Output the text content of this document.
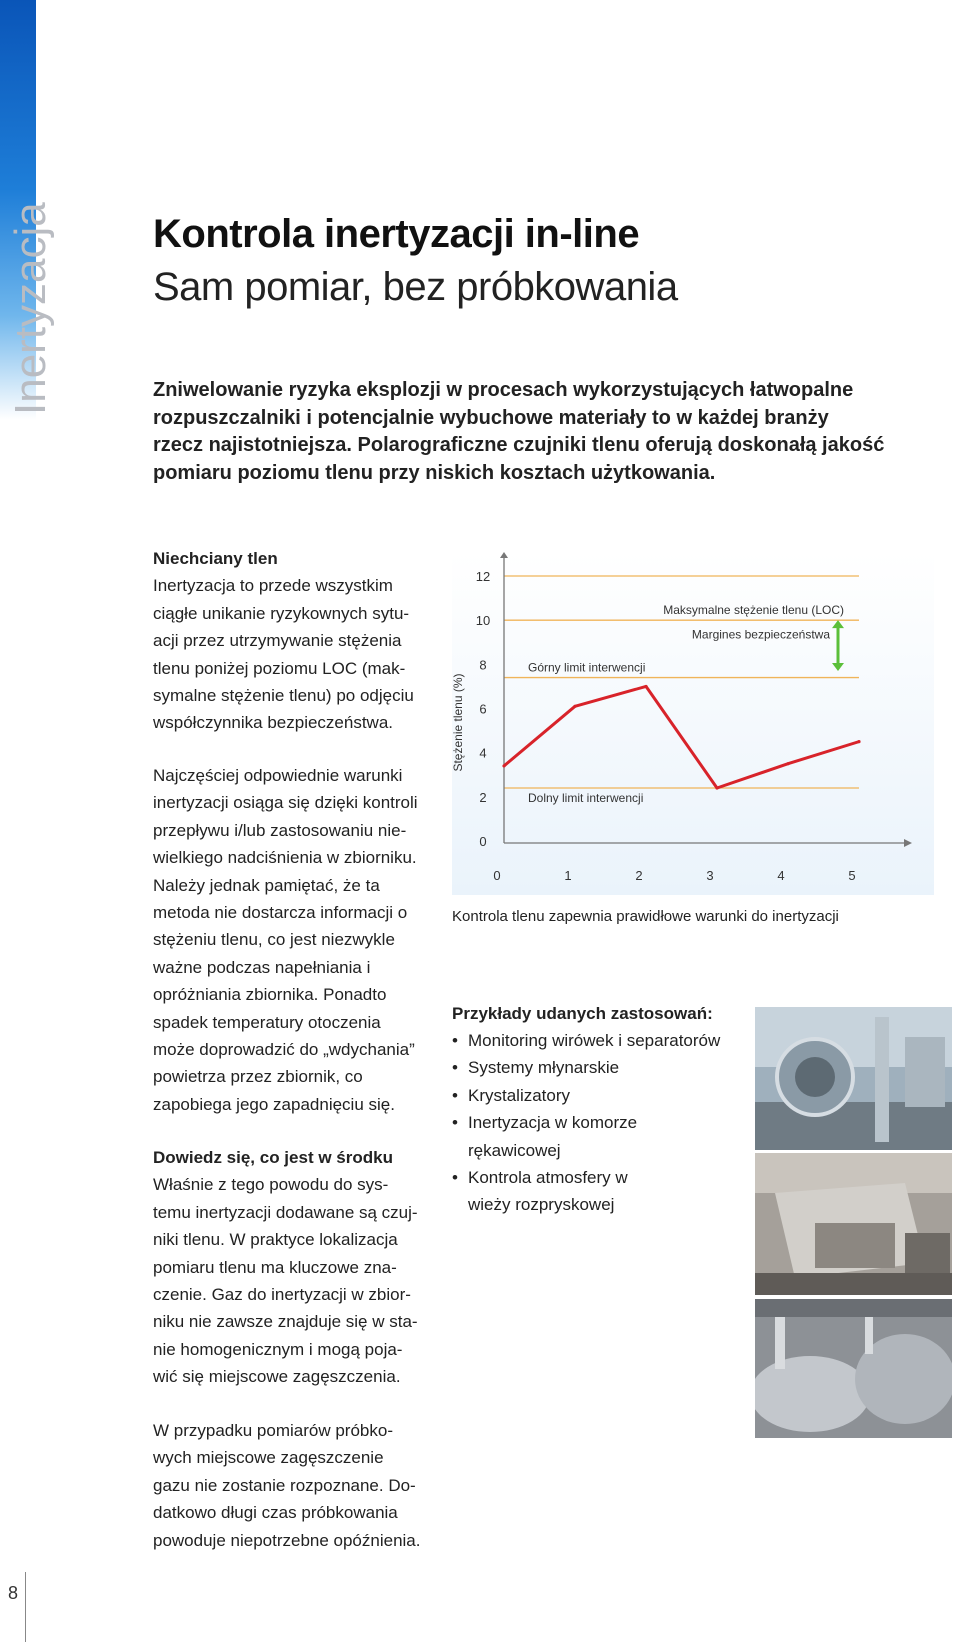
Inertyzacja
8
Kontrola inertyzacji in-line
Sam pomiar, bez próbkowania

Zniwelowanie ryzyka eksplozji w procesach wykorzystujących łatwopalne

rozpuszczalniki i potencjalnie wybuchowe materiały to w każdej branży

rzecz najistotniejsza. Polarograficzne czujniki tlenu oferują doskonałą jakość

pomiaru poziomu tlenu przy niskich kosztach użytkowania.

Niechciany tlen

Inertyzacja to przede wszystkim

ciągłe unikanie ryzykownych sytu-

acji przez utrzymywanie stężenia

tlenu poniżej poziomu LOC (mak-

symalne stężenie tlenu) po odjęciu

współczynnika bezpieczeństwa.

Najczęściej odpowiednie warunki

inertyzacji osiąga się dzięki kontroli

przepływu i/lub zastosowaniu nie-

wielkiego nadciśnienia w zbiorniku.

Należy jednak pamiętać, że ta

metoda nie dostarcza informacji o

stężeniu tlenu, co jest niezwykle

ważne podczas napełniania i

opróżniania zbiornika. Ponadto

spadek temperatury otoczenia

może doprowadzić do „wdychania”

powietrza przez zbiornik, co

zapobiega jego zapadnięciu się.

Dowiedz się, co jest w środku

Właśnie z tego powodu do sys-

temu inertyzacji dodawane są czuj-

niki tlenu. W praktyce lokalizacja

pomiaru tlenu ma kluczowe zna-

czenie. Gaz do inertyzacji w zbior-

niku nie zawsze znajduje się w sta-

nie homogenicznym i mogą poja-

wić się miejscowe zagęszczenia.

W przypadku pomiarów próbko-

wych miejscowe zagęszczenie

gazu nie zostanie rozpoznane. Do-

datkowo długi czas próbkowania

powoduje niepotrzebne opóźnienia.

0
2
4
6
8
10
12
0	1	2	3	4	5
Stężenie tlenu (%)
Maksymalne stężenie tlenu (LOC)
Górny limit interwencji
Dolny limit interwencji
Margines bezpieczeństwa
Kontrola tlenu zapewnia prawidłowe warunki do inertyzacji
Przykłady udanych zastosowań:
• Monitoring wirówek i separatorów
• Systemy młynarskie
• Krystalizatory
• Inertyzacja w komorze
rękawicowej
• Kontrola atmosfery w
wieży rozpryskowej
